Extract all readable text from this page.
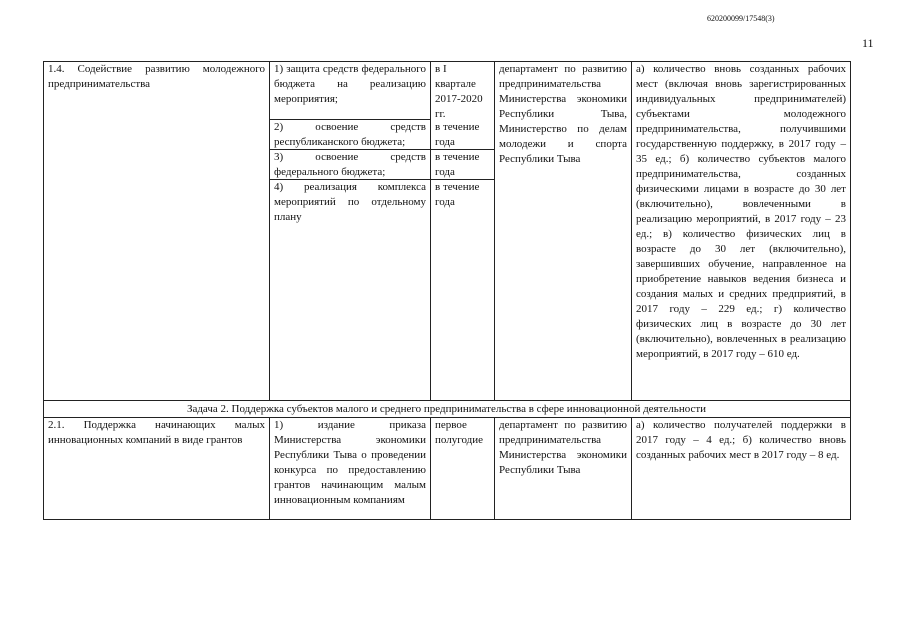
620200099/17548(3)
11
1.4. Содействие развитию молодежного предпринимательства
1) защита средств федерального бюджета на реализацию мероприятия;
в I квартале 2017-2020 гг.
2) освоение средств республиканского бюджета;
в течение года
3) освоение средств федерального бюджета;
в течение года
4) реализация комплекса мероприятий по отдельному плану
в течение года
департамент по развитию предпринимательства Министерства экономики Республики Тыва, Министерство по делам молодежи и спорта Республики Тыва
а) количество вновь созданных рабочих мест (включая вновь зарегистрированных индивидуальных предпринимателей) субъектами молодежного предпринимательства, получившими государственную поддержку, в 2017 году – 35 ед.; б) количество субъектов малого предпринимательства, созданных физическими лицами в возрасте до 30 лет (включительно), вовлеченными в реализацию мероприятий, в 2017 году – 23 ед.; в) количество физических лиц в возрасте до 30 лет (включительно), завершивших обучение, направленное на приобретение навыков ведения бизнеса и создания малых и средних предприятий, в 2017 году – 229 ед.; г) количество физических лиц в возрасте до 30 лет (включительно), вовлеченных в реализацию мероприятий, в 2017 году – 610 ед.
Задача 2. Поддержка субъектов малого и среднего предпринимательства в сфере инновационной деятельности
2.1. Поддержка начинающих малых инновационных компаний в виде грантов
1) издание приказа Министерства экономики Республики Тыва о проведении конкурса по предоставлению грантов начинающим малым инновационным компаниям
первое полугодие
департамент по развитию предпринимательства Министерства экономики Республики Тыва
а) количество получателей поддержки в 2017 году – 4 ед.; б) количество вновь созданных рабочих мест в 2017 году – 8 ед.
